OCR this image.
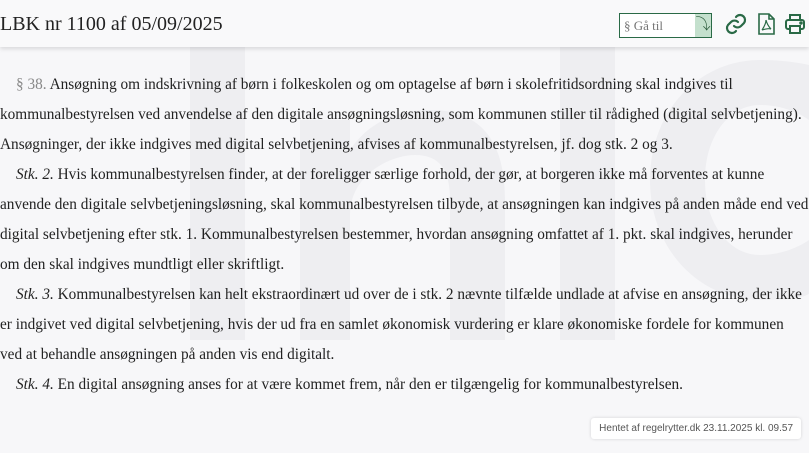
LBK nr 1100 af 05/09/2025
§ Gå til	⤵

§ 38. Ansøgning om indskrivning af børn i folkeskolen og om optagelse af børn i skolefritidsordning skal indgives til kommunalbestyrelsen ved anvendelse af den digitale ansøgningsløsning, som kommunen stiller til rådighed (digital selvbetjening). Ansøgninger, der ikke indgives med digital selvbetjening, afvises af kommunalbestyrelsen, jf. dog stk. 2 og 3.

Stk. 2. Hvis kommunalbestyrelsen finder, at der foreligger særlige forhold, der gør, at borgeren ikke må forventes at kunne anvende den digitale selvbetjeningsløsning, skal kommunalbestyrelsen tilbyde, at ansøgningen kan indgives på anden måde end ved digital selvbetjening efter stk. 1. Kommunalbestyrelsen bestemmer, hvordan ansøgning omfattet af 1. pkt. skal indgives, herunder om den skal indgives mundtligt eller skriftligt.

Stk. 3. Kommunalbestyrelsen kan helt ekstraordinært ud over de i stk. 2 nævnte tilfælde undlade at afvise en ansøgning, der ikke er indgivet ved digital selvbetjening, hvis der ud fra en samlet økonomisk vurdering er klare økonomiske fordele for kommunen ved at behandle ansøgningen på anden vis end digitalt.

Stk. 4. En digital ansøgning anses for at være kommet frem, når den er tilgængelig for kommunalbestyrelsen.

Hentet af regelrytter.dk 23.11.2025 kl. 09.57
